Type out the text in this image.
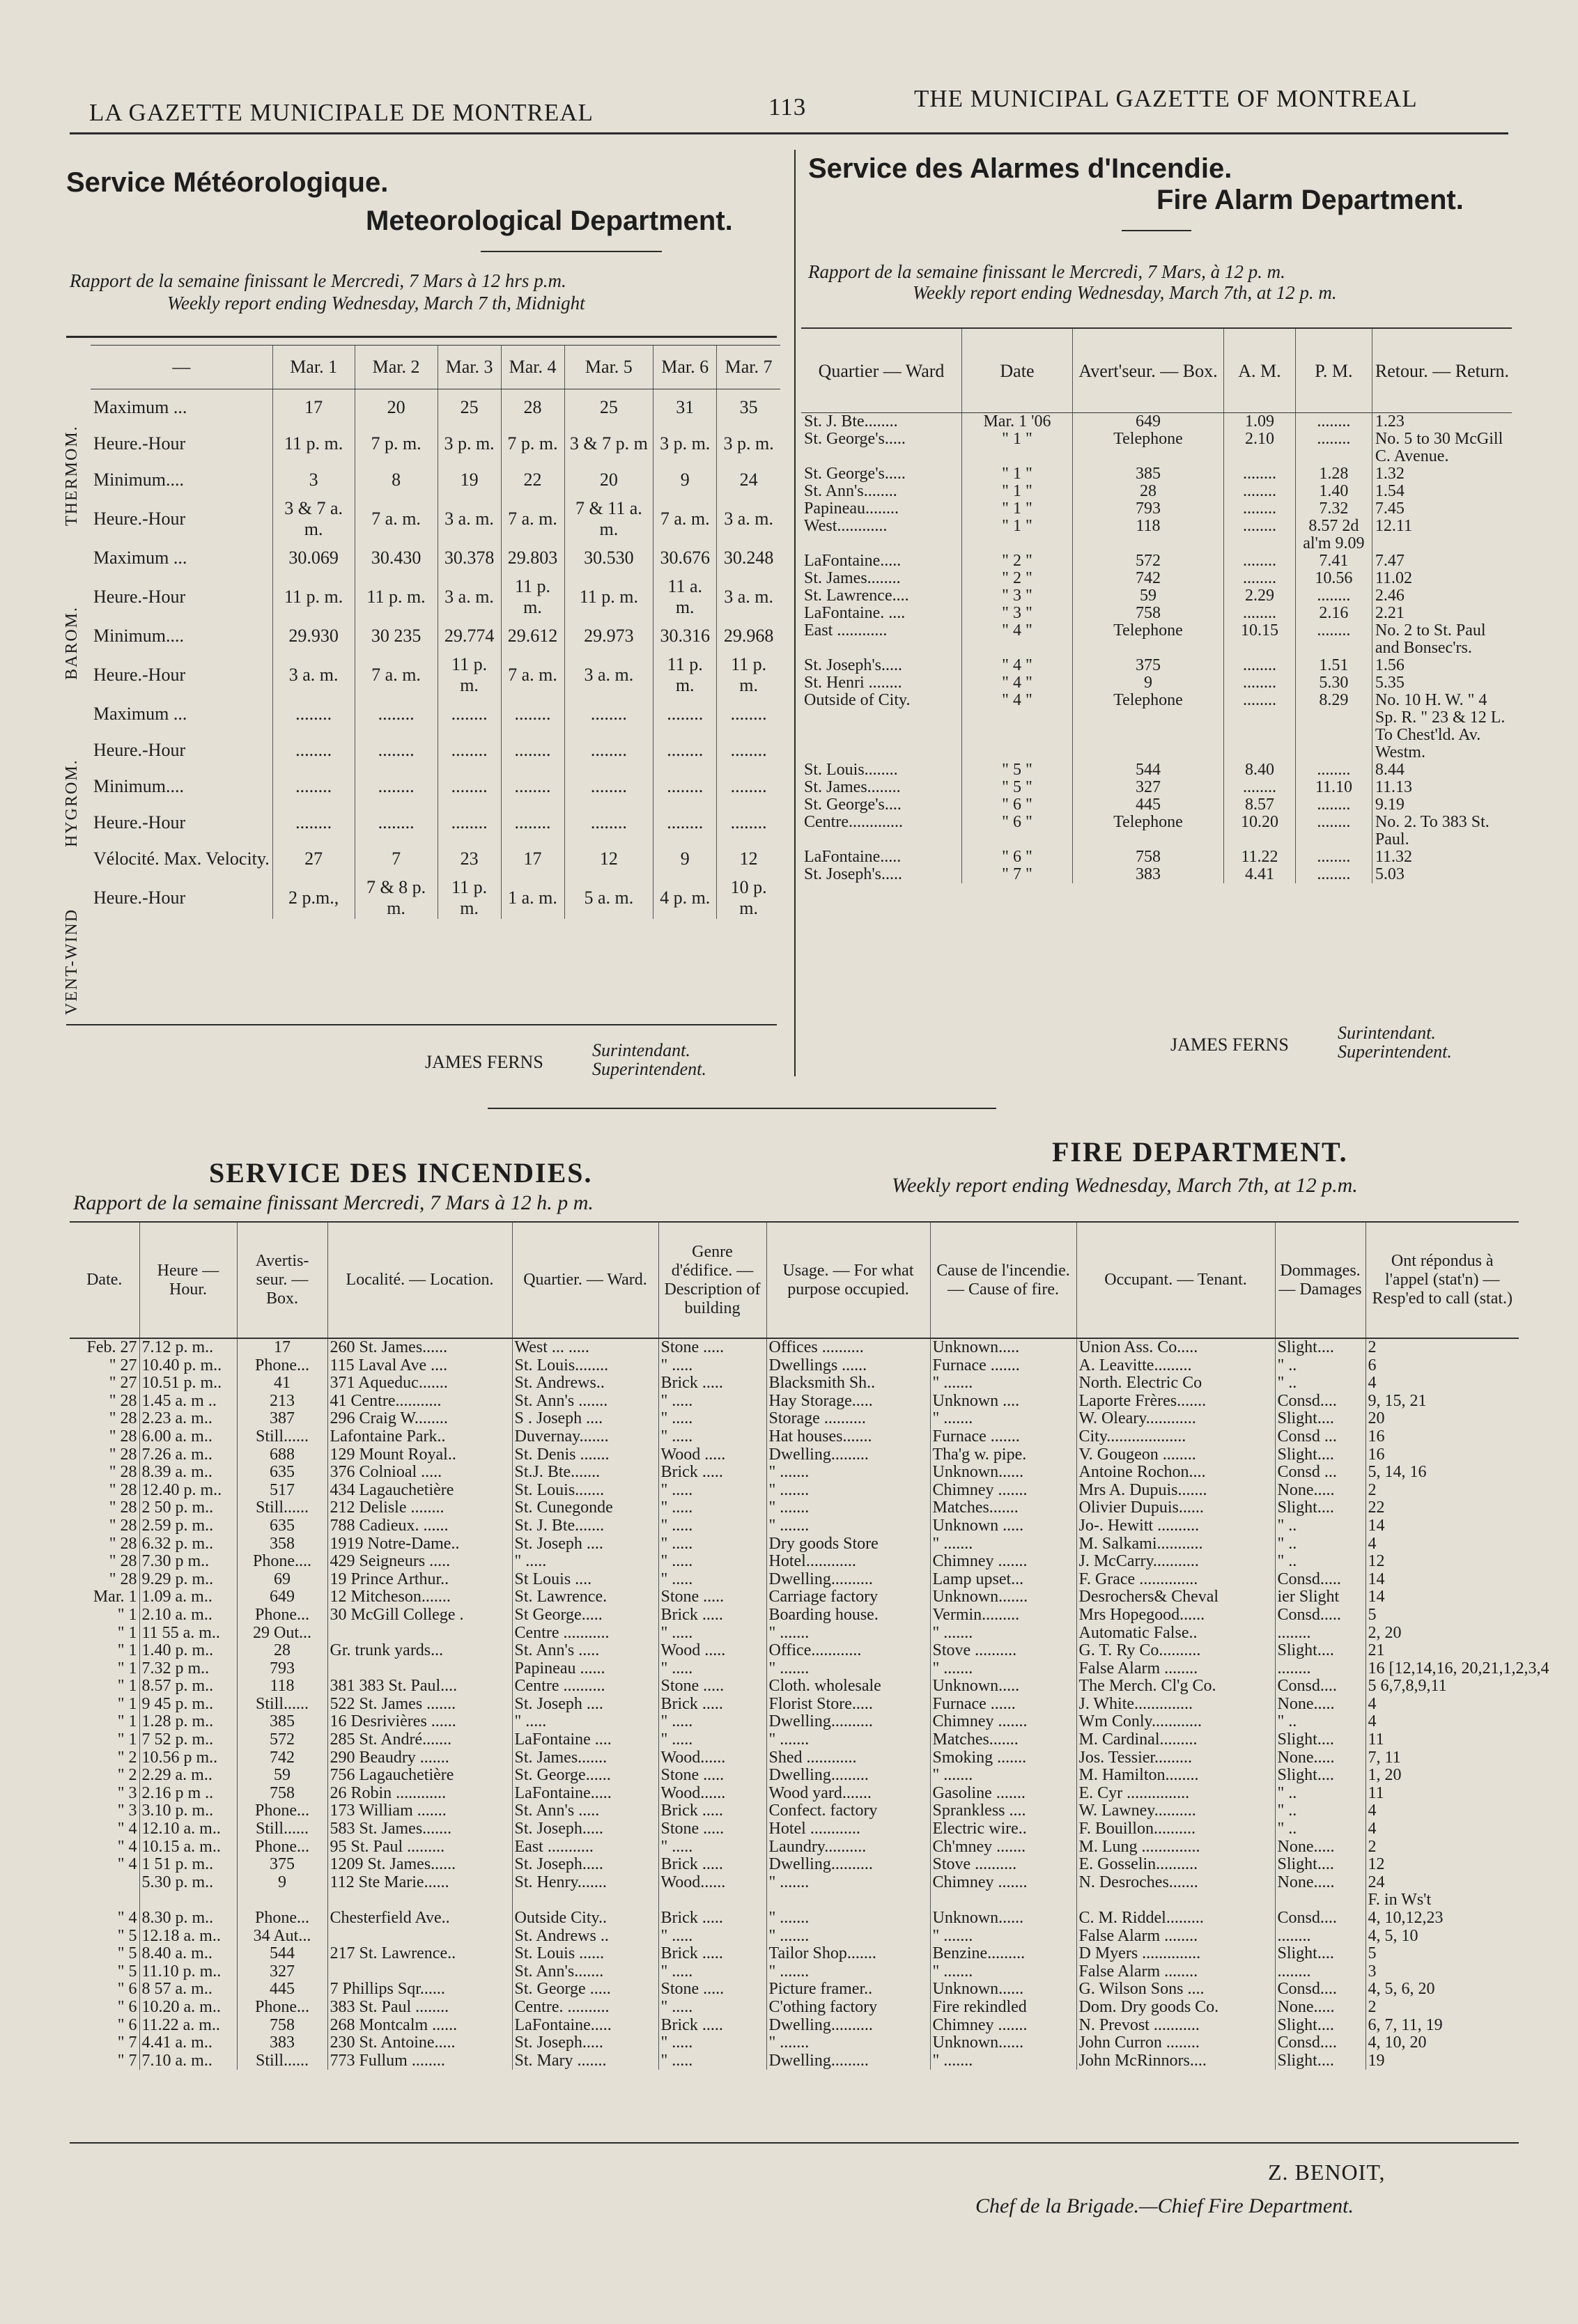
LA GAZETTE MUNICIPALE DE MONTREAL	113	THE MUNICIPAL GAZETTE OF MONTREAL
Service Météorologique.
Meteorological Department.
Rapport de la semaine finissant le Mercredi, 7 Mars à 12 hrs p.m.
Weekly report ending Wednesday, March 7 th, Midnight
THERMOM.
BAROM.
HYGROM.
VENT-WIND
—	Mar. 1	Mar. 2	Mar. 3	Mar. 4	Mar. 5	Mar. 6	Mar. 7
Maximum ...	17	20	25	28	25	31	35
Heure.-Hour	11 p. m.	7 p. m.	3 p. m.	7 p. m.	3 & 7 p. m	3 p. m.	3 p. m.
Minimum....	3	8	19	22	20	9	24
Heure.-Hour	3 & 7 a. m.	7 a. m.	3 a. m.	7 a. m.	7 & 11 a. m.	7 a. m.	3 a. m.
Maximum ...	30.069	30.430	30.378	29.803	30.530	30.676	30.248
Heure.-Hour	11 p. m.	11 p. m.	3 a. m.	11 p. m.	11 p. m.	11 a. m.	3 a. m.
Minimum....	29.930	30 235	29.774	29.612	29.973	30.316	29.968
Heure.-Hour	3 a. m.	7 a. m.	11 p. m.	7 a. m.	3 a. m.	11 p. m.	11 p. m.
Maximum ...	........	........	........	........	........	........	........
Heure.-Hour	........	........	........	........	........	........	........
Minimum....	........	........	........	........	........	........	........
Heure.-Hour	........	........	........	........	........	........	........
Vélocité. Max. Velocity.	27	7	23	17	12	9	12
Heure.-Hour	2 p.m.,	7 & 8 p. m.	11 p. m.	1 a. m.	5 a. m.	4 p. m.	10 p. m.
JAMES FERNS
Surintendant.
Superintendent.
Service des Alarmes d'Incendie.
Fire Alarm Department.
Rapport de la semaine finissant le Mercredi, 7 Mars, à 12 p. m.
Weekly report ending Wednesday, March 7th, at 12 p. m.
Quartier — Ward	Date	Avert'seur. — Box.	A. M.	P. M.	Retour. — Return.
St. J. Bte........	Mar. 1 '06	649	1.09	........	1.23
St. George's.....	" 1 "	Telephone	2.10	........	No. 5 to 30 McGill C. Avenue.
St. George's.....	" 1 "	385	........	1.28	1.32
St. Ann's........	" 1 "	28	........	1.40	1.54
Papineau........	" 1 "	793	........	7.32	7.45
West............	" 1 "	118	........	8.57 2d al'm 9.09	12.11
LaFontaine.....	" 2 "	572	........	7.41	7.47
St. James........	" 2 "	742	........	10.56	11.02
St. Lawrence....	" 3 "	59	2.29	........	2.46
LaFontaine. ....	" 3 "	758	........	2.16	2.21
East ............	" 4 "	Telephone	10.15	........	No. 2 to St. Paul and Bonsec'rs.
St. Joseph's.....	" 4 "	375	........	1.51	1.56
St. Henri ........	" 4 "	9	........	5.30	5.35
Outside of City.	" 4 "	Telephone	........	8.29	No. 10 H. W. " 4 Sp. R. " 23 & 12 L. To Chest'ld. Av. Westm.
St. Louis........	" 5 "	544	8.40	........	8.44
St. James........	" 5 "	327	........	11.10	11.13
St. George's....	" 6 "	445	8.57	........	9.19
Centre.............	" 6 "	Telephone	10.20	........	No. 2. To 383 St. Paul.
LaFontaine.....	" 6 "	758	11.22	........	11.32
St. Joseph's.....	" 7 "	383	4.41	........	5.03
JAMES FERNS
Surintendant.
Superintendent.
SERVICE DES INCENDIES.
FIRE DEPARTMENT.
Rapport de la semaine finissant Mercredi, 7 Mars à 12 h. p m.
Weekly report ending Wednesday, March 7th, at 12 p.m.
Date.	Heure — Hour.	Avertis-seur. — Box.	Localité. — Location.	Quartier. — Ward.	Genre d'édifice. — Description of building	Usage. — For what purpose occupied.	Cause de l'incendie. — Cause of fire.	Occupant. — Tenant.	Dommages. — Damages	Ont répondus à l'appel (stat'n) — Resp'ed to call (stat.)
Feb. 27	7.12 p. m..	17	260 St. James......	West ... .....	Stone .....	Offices ..........	Unknown.....	Union Ass. Co.....	Slight....	2
" 27	10.40 p. m..	Phone...	115 Laval Ave ....	St. Louis........	" .....	Dwellings ......	Furnace .......	A. Leavitte.........	" ..	6
" 27	10.51 p. m..	41	371 Aqueduc.......	St. Andrews..	Brick .....	Blacksmith Sh..	" .......	North. Electric Co	" ..	4
" 28	1.45 a. m ..	213	41 Centre...........	St. Ann's .......	" .....	Hay Storage.....	Unknown ....	Laporte Frères.......	Consd....	9, 15, 21
" 28	2.23 a. m..	387	296 Craig W........	S . Joseph ....	" .....	Storage ..........	" .......	W. Oleary............	Slight....	20
" 28	6.00 a. m..	Still......	Lafontaine Park..	Duvernay.......	" .....	Hat houses.......	Furnace .......	City...................	Consd ...	16
" 28	7.26 a. m..	688	129 Mount Royal..	St. Denis .......	Wood .....	Dwelling.........	Tha'g w. pipe.	V. Gougeon ........	Slight....	16
" 28	8.39 a. m..	635	376 Colnioal .....	St.J. Bte.......	Brick .....	" .......	Unknown......	Antoine Rochon....	Consd ...	5, 14, 16
" 28	12.40 p. m..	517	434 Lagauchetière	St. Louis.......	" .....	" .......	Chimney .......	Mrs A. Dupuis.......	None.....	2
" 28	2 50 p. m..	Still......	212 Delisle ........	St. Cunegonde	" .....	" .......	Matches.......	Olivier Dupuis......	Slight....	22
" 28	2.59 p. m..	635	788 Cadieux. ......	St. J. Bte.......	" .....	" .......	Unknown .....	Jo-. Hewitt ..........	" ..	14
" 28	6.32 p. m..	358	1919 Notre-Dame..	St. Joseph ....	" .....	Dry goods Store	" .......	M. Salkami...........	" ..	4
" 28	7.30 p m..	Phone....	429 Seigneurs .....	" .....	" .....	Hotel............	Chimney .......	J. McCarry...........	" ..	12
" 28	9.29 p. m..	69	19 Prince Arthur..	St Louis ....	" .....	Dwelling..........	Lamp upset...	F. Grace ..............	Consd.....	14
Mar. 1	1.09 a. m..	649	12 Mitcheson.......	St. Lawrence.	Stone .....	Carriage factory	Unknown.......	Desrochers& Cheval	ier Slight	14
" 1	2.10 a. m..	Phone...	30 McGill College .	St George.....	Brick .....	Boarding house.	Vermin.........	Mrs Hopegood......	Consd.....	5
" 1	11 55 a. m..	29 Out...		Centre ...........	" .....	" .......	" .......	Automatic False..	........	2, 20
" 1	1.40 p. m..	28	Gr. trunk yards...	St. Ann's .....	Wood .....	Office............	Stove ..........	G. T. Ry Co..........	Slight....	21
" 1	7.32 p m..	793		Papineau ......	" .....	" .......	" .......	False Alarm ........	........	16 [12,14,16, 20,21,1,2,3,4
" 1	8.57 p. m..	118	381 383 St. Paul....	Centre ..........	Stone .....	Cloth. wholesale	Unknown.....	The Merch. Cl'g Co.	Consd....	5 6,7,8,9,11
" 1	9 45 p. m..	Still......	522 St. James .......	St. Joseph ....	Brick .....	Florist Store.....	Furnace ......	J. White..............	None.....	4
" 1	1.28 p. m..	385	16 Desrivières ......	" .....	" .....	Dwelling..........	Chimney .......	Wm Conly............	" ..	4
" 1	7 52 p. m..	572	285 St. André.......	LaFontaine ....	" .....	" .......	Matches.......	M. Cardinal.........	Slight....	11
" 2	10.56 p m..	742	290 Beaudry .......	St. James.......	Wood......	Shed ............	Smoking .......	Jos. Tessier.........	None.....	7, 11
" 2	2.29 a. m..	59	756 Lagauchetière	St. George......	Stone .....	Dwelling.........	" .......	M. Hamilton........	Slight....	1, 20
" 3	2.16 p m ..	758	26 Robin ............	LaFontaine.....	Wood......	Wood yard.......	Gasoline .......	E. Cyr ...............	" ..	11
" 3	3.10 p. m..	Phone...	173 William .......	St. Ann's .....	Brick .....	Confect. factory	Sprankless ....	W. Lawney..........	" ..	4
" 4	12.10 a. m..	Still......	583 St. James.......	St. Joseph.....	Stone .....	Hotel ............	Electric wire..	F. Bouillon..........	" ..	4
" 4	10.15 a. m..	Phone...	95 St. Paul .........	East ...........	" .....	Laundry..........	Ch'mney .......	M. Lung ..............	None.....	2
" 4	1 51 p. m..	375	1209 St. James......	St. Joseph.....	Brick .....	Dwelling..........	Stove ..........	E. Gosselin..........	Slight....	12
	5.30 p. m..	9	112 Ste Marie......	St. Henry.......	Wood......	" .......	Chimney .......	N. Desroches.......	None.....	24
										F. in Ws't
" 4	8.30 p. m..	Phone...	Chesterfield Ave..	Outside City..	Brick .....	" .......	Unknown......	C. M. Riddel.........	Consd....	4, 10,12,23
" 5	12.18 a. m..	34 Aut...		St. Andrews ..	" .....	" .......	" .......	False Alarm ........	........	4, 5, 10
" 5	8.40 a. m..	544	217 St. Lawrence..	St. Louis ......	Brick .....	Tailor Shop.......	Benzine.........	D Myers ..............	Slight....	5
" 5	11.10 p. m..	327		St. Ann's.......	" .....	" .......	" .......	False Alarm ........	........	3
" 6	8 57 a. m..	445	7 Phillips Sqr......	St. George .....	Stone .....	Picture framer..	Unknown......	G. Wilson Sons ....	Consd....	4, 5, 6, 20
" 6	10.20 a. m..	Phone...	383 St. Paul ........	Centre. ..........	" .....	C'othing factory	Fire rekindled	Dom. Dry goods Co.	None.....	2
" 6	11.22 a. m..	758	268 Montcalm ......	LaFontaine.....	Brick .....	Dwelling..........	Chimney .......	N. Prevost ...........	Slight....	6, 7, 11, 19
" 7	4.41 a. m..	383	230 St. Antoine.....	St. Joseph.....	" .....	" .......	Unknown......	John Curron ........	Consd....	4, 10, 20
" 7	7.10 a. m..	Still......	773 Fullum ........	St. Mary .......	" .....	Dwelling.........	" .......	John McRinnors....	Slight....	19
Z. BENOIT,
Chef de la Brigade.—Chief Fire Department.
